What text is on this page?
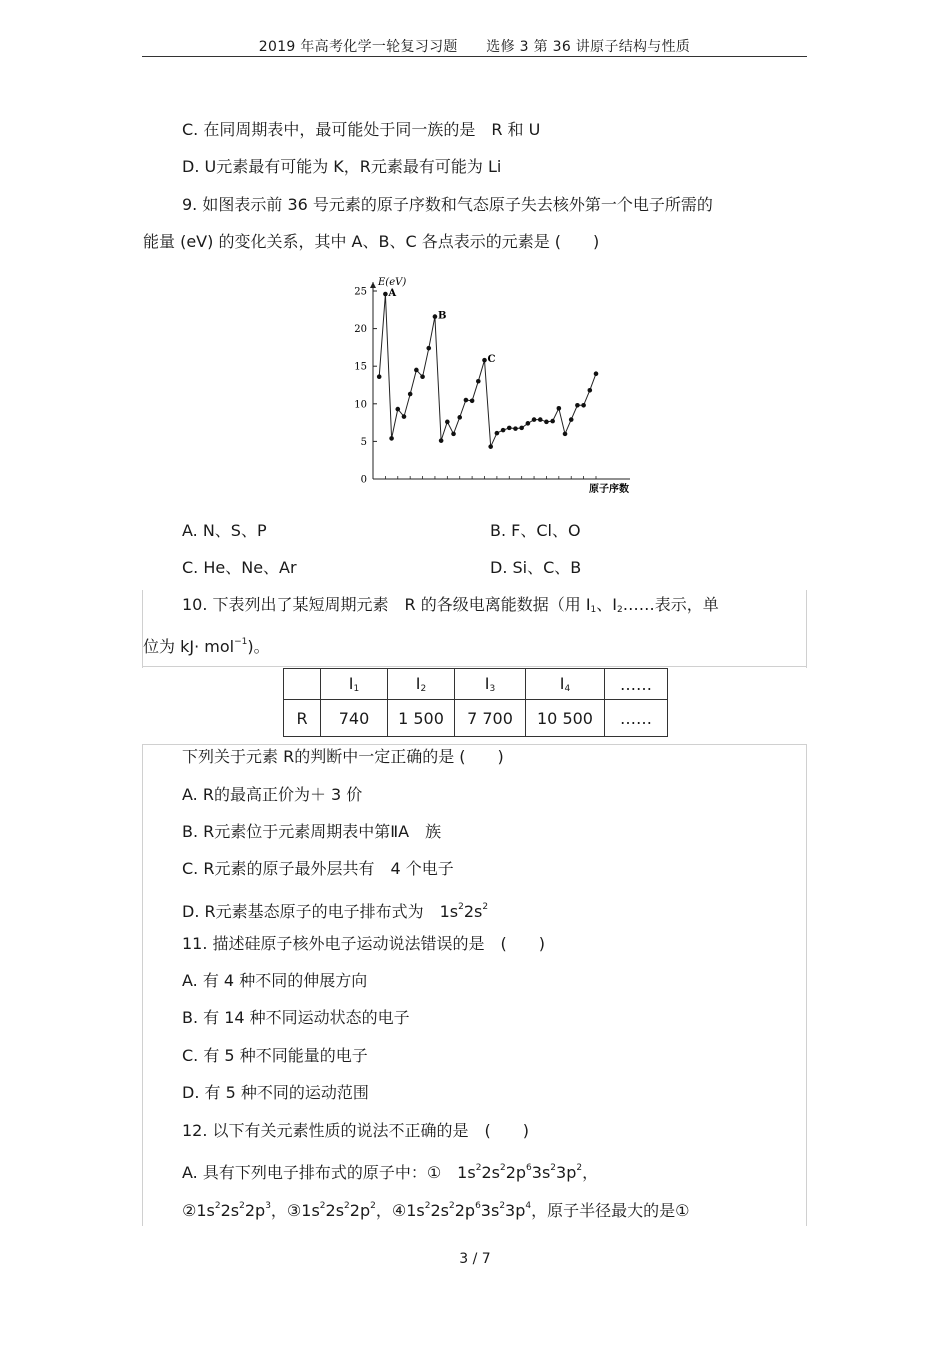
2019 年高考化学一轮复习习题　　选修 3 第 36 讲原子结构与性质
C. 在同周期表中，最可能处于同一族的是　R 和 U
D. U元素最有可能为 K，R元素最有可能为 Li
9. 如图表示前 36 号元素的原子序数和气态原子失去核外第一个电子所需的
能量 (eV) 的变化关系，其中 A、B、C 各点表示的元素是 (　　)
0
5
10
15
20
25 A
B
C
E(eV)
原子序数
A. N、S、P	B. F、Cl、O
C. He、Ne、Ar	D. Si、C、B
10. 下表列出了某短周期元素　R 的各级电离能数据（用 $I_1$、$I_2\dots\dots$表示，单
位为 kJ· mol$^{-1}$)。
	$I_1$	$I_2$	$I_3$	$I_4$	……
R	740	1 500	7 700	10 500	……
下列关于元素 R的判断中一定正确的是 (　　)
A. R的最高正价为＋ 3 价
B. R元素位于元素周期表中第ⅡA　族
C. R元素的原子最外层共有　4 个电子
D. R元素基态原子的电子排布式为　$1s^22s^2$
11. 描述硅原子核外电子运动说法错误的是　(　　)
A. 有 4 种不同的伸展方向
B. 有 14 种不同运动状态的电子
C. 有 5 种不同能量的电子
D. 有 5 种不同的运动范围
12. 以下有关元素性质的说法不正确的是　(　　)
A. 具有下列电子排布式的原子中：①　$1s^22s^22p^63s^23p^2$，
$②1s^22s^22p^3$，$③1s^22s^22p^2$，$④1s^22s^22p^63s^23p^4$，原子半径最大的是①
3 / 7
